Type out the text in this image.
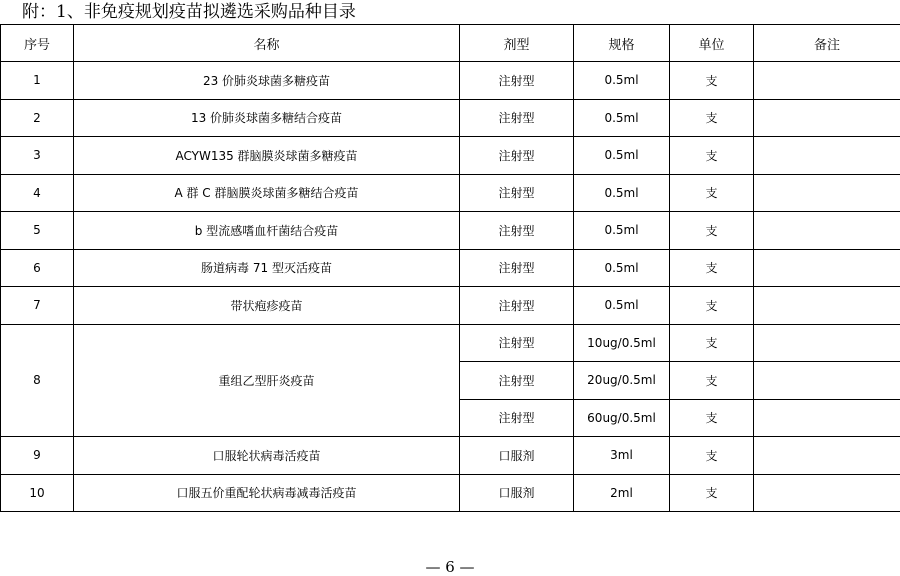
附：1、非免疫规划疫苗拟遴选采购品种目录
序号	名称	剂型	规格	单位	备注
1	23 价肺炎球菌多糖疫苗	注射型	0.5ml	支	
2	13 价肺炎球菌多糖结合疫苗	注射型	0.5ml	支	
3	ACYW135 群脑膜炎球菌多糖疫苗	注射型	0.5ml	支	
4	A 群 C 群脑膜炎球菌多糖结合疫苗	注射型	0.5ml	支	
5	b 型流感嗜血杆菌结合疫苗	注射型	0.5ml	支	
6	肠道病毒 71 型灭活疫苗	注射型	0.5ml	支	
7	带状疱疹疫苗	注射型	0.5ml	支	
8	重组乙型肝炎疫苗	注射型	10ug/0.5ml	支	
		注射型	20ug/0.5ml	支	
		注射型	60ug/0.5ml	支	
9	口服轮状病毒活疫苗	口服剂	3ml	支	
10	口服五价重配轮状病毒减毒活疫苗	口服剂	2ml	支	
— 6 —
